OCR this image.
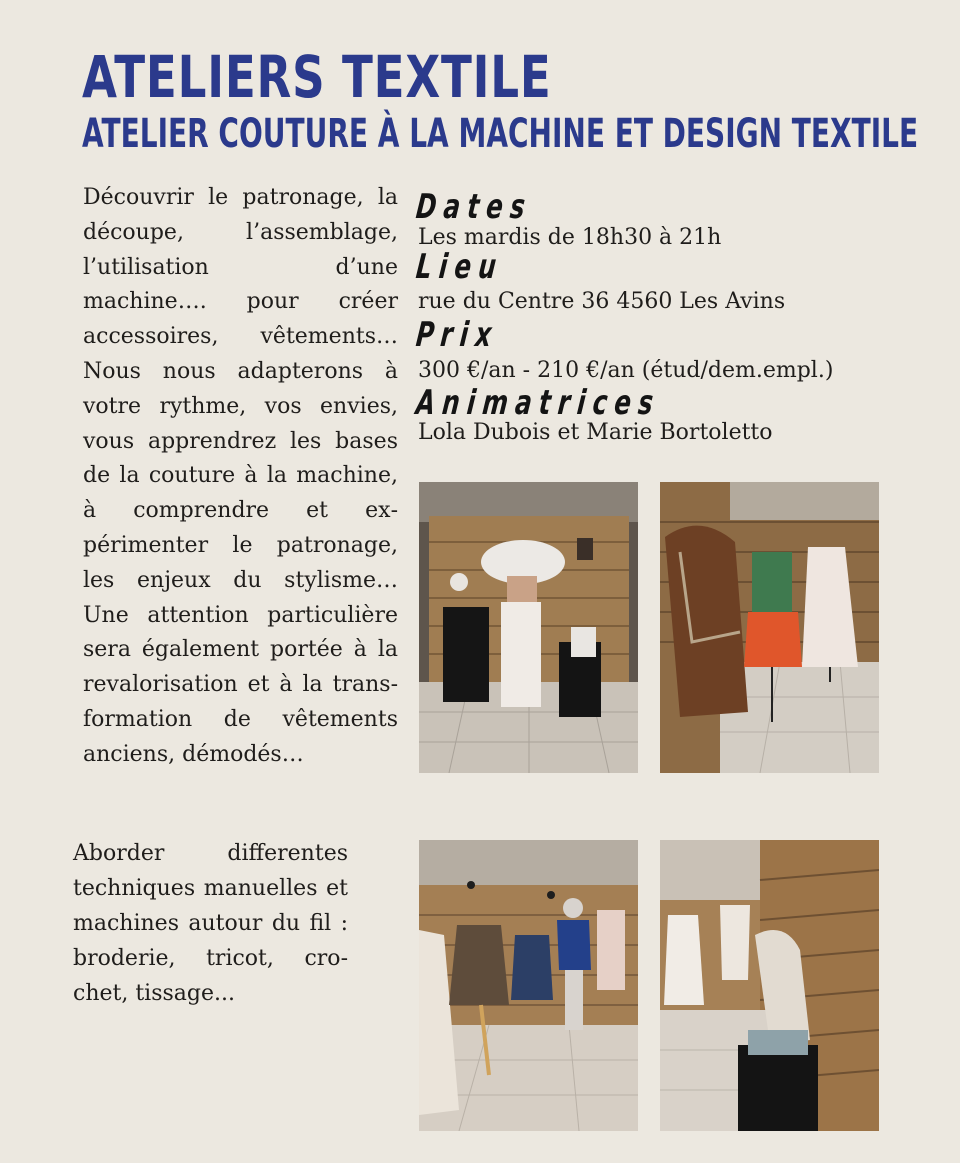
ATELIERS TEXTILE
ATELIER COUTURE À LA MACHINE ET DESIGN TEXTILE
Découvrir le patronage, la découpe, l’assemblage, l’utilisation d’une machine…. pour créer accessoires, vêtements… Nous nous adapterons à votre rythme, vos envies, vous apprendrez les bases de la couture à la machine, à comprendre et expérimenter le patronage, les enjeux du stylisme… Une attention particulière sera également portée à la revalorisation et à la transformation de vêtements anciens, démodés…
Dates
Les mardis de 18h30 à 21h
Lieu
rue du Centre 36 4560 Les Avins
Prix
300 €/an - 210 €/an (étud/dem.empl.)
Animatrices
Lola Dubois et Marie Bortoletto
Aborder differentes techniques manuelles et machines autour du fil : broderie, tricot, crochet, tissage...
